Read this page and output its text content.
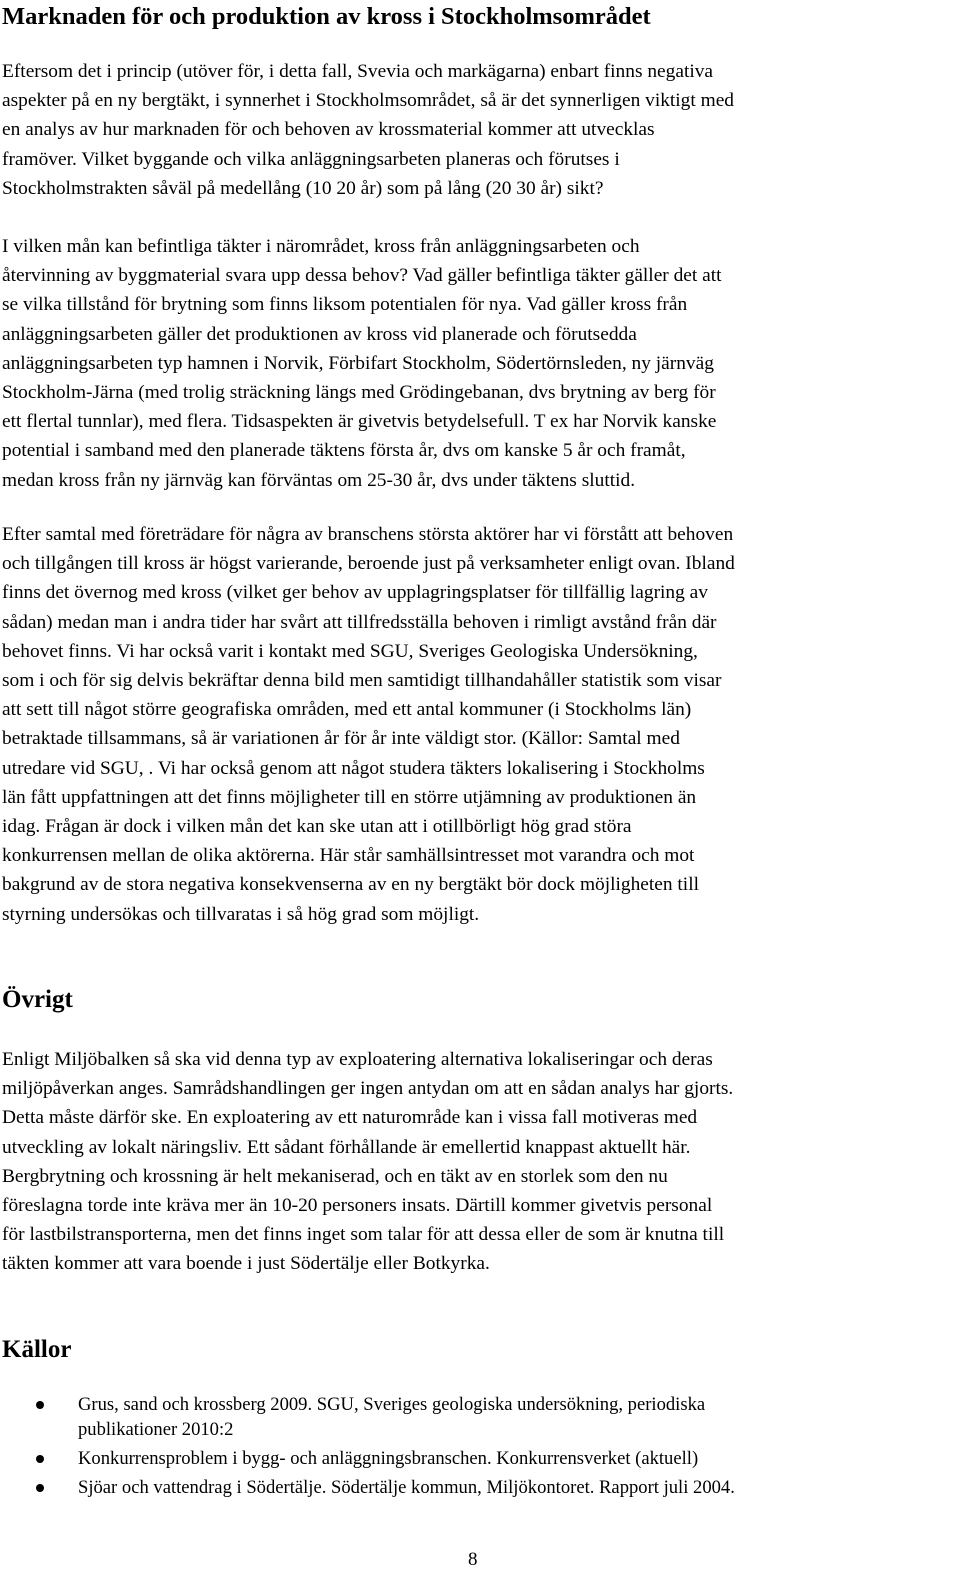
Marknaden för och produktion av kross i Stockholmsområdet
Eftersom det i princip (utöver för, i detta fall, Svevia och markägarna) enbart finns negativa
aspekter på en ny bergtäkt, i synnerhet i Stockholmsområdet, så är det synnerligen viktigt med
en analys av hur marknaden för och behoven av krossmaterial kommer att utvecklas
framöver. Vilket byggande och vilka anläggningsarbeten planeras och förutses i
Stockholmstrakten såväl på medellång (10 20 år) som på lång (20 30 år) sikt?
I vilken mån kan befintliga täkter i närområdet, kross från anläggningsarbeten och
återvinning av byggmaterial svara upp dessa behov? Vad gäller befintliga täkter gäller det att
se vilka tillstånd för brytning som finns liksom potentialen för nya. Vad gäller kross från
anläggningsarbeten gäller det produktionen av kross vid planerade och förutsedda
anläggningsarbeten typ hamnen i Norvik, Förbifart Stockholm, Södertörnsleden, ny järnväg
Stockholm-Järna (med trolig sträckning längs med Grödingebanan, dvs brytning av berg för
ett flertal tunnlar), med flera. Tidsaspekten är givetvis betydelsefull. T ex har Norvik kanske
potential i samband med den planerade täktens första år, dvs om kanske 5 år och framåt,
medan kross från ny järnväg kan förväntas om 25-30 år, dvs under täktens sluttid.
Efter samtal med företrädare för några av branschens största aktörer har vi förstått att behoven
och tillgången till kross är högst varierande, beroende just på verksamheter enligt ovan. Ibland
finns det övernog med kross (vilket ger behov av upplagringsplatser för tillfällig lagring av
sådan) medan man i andra tider har svårt att tillfredsställa behoven i rimligt avstånd från där
behovet finns. Vi har också varit i kontakt med SGU, Sveriges Geologiska Undersökning,
som i och för sig delvis bekräftar denna bild men samtidigt tillhandahåller statistik som visar
att sett till något större geografiska områden, med ett antal kommuner (i Stockholms län)
betraktade tillsammans, så är variationen år för år inte väldigt stor. (Källor: Samtal med
utredare vid SGU, . Vi har också genom att något studera täkters lokalisering i Stockholms
län fått uppfattningen att det finns möjligheter till en större utjämning av produktionen än
idag. Frågan är dock i vilken mån det kan ske utan att i otillbörligt hög grad störa
konkurrensen mellan de olika aktörerna. Här står samhällsintresset mot varandra och mot
bakgrund av de stora negativa konsekvenserna av en ny bergtäkt bör dock möjligheten till
styrning undersökas och tillvaratas i så hög grad som möjligt.
Övrigt
Enligt Miljöbalken så ska vid denna typ av exploatering alternativa lokaliseringar och deras
miljöpåverkan anges. Samrådshandlingen ger ingen antydan om att en sådan analys har gjorts.
Detta måste därför ske. En exploatering av ett naturområde kan i vissa fall motiveras med
utveckling av lokalt näringsliv. Ett sådant förhållande är emellertid knappast aktuellt här.
Bergbrytning och krossning är helt mekaniserad, och en täkt av en storlek som den nu
föreslagna torde inte kräva mer än 10-20 personers insats. Därtill kommer givetvis personal
för lastbilstransporterna, men det finns inget som talar för att dessa eller de som är knutna till
täkten kommer att vara boende i just Södertälje eller Botkyrka.
Källor
Grus, sand och krossberg 2009. SGU, Sveriges geologiska undersökning, periodiska
publikationer 2010:2
Konkurrensproblem i bygg- och anläggningsbranschen. Konkurrensverket (aktuell)
Sjöar och vattendrag i Södertälje. Södertälje kommun, Miljökontoret. Rapport juli 2004.
8
